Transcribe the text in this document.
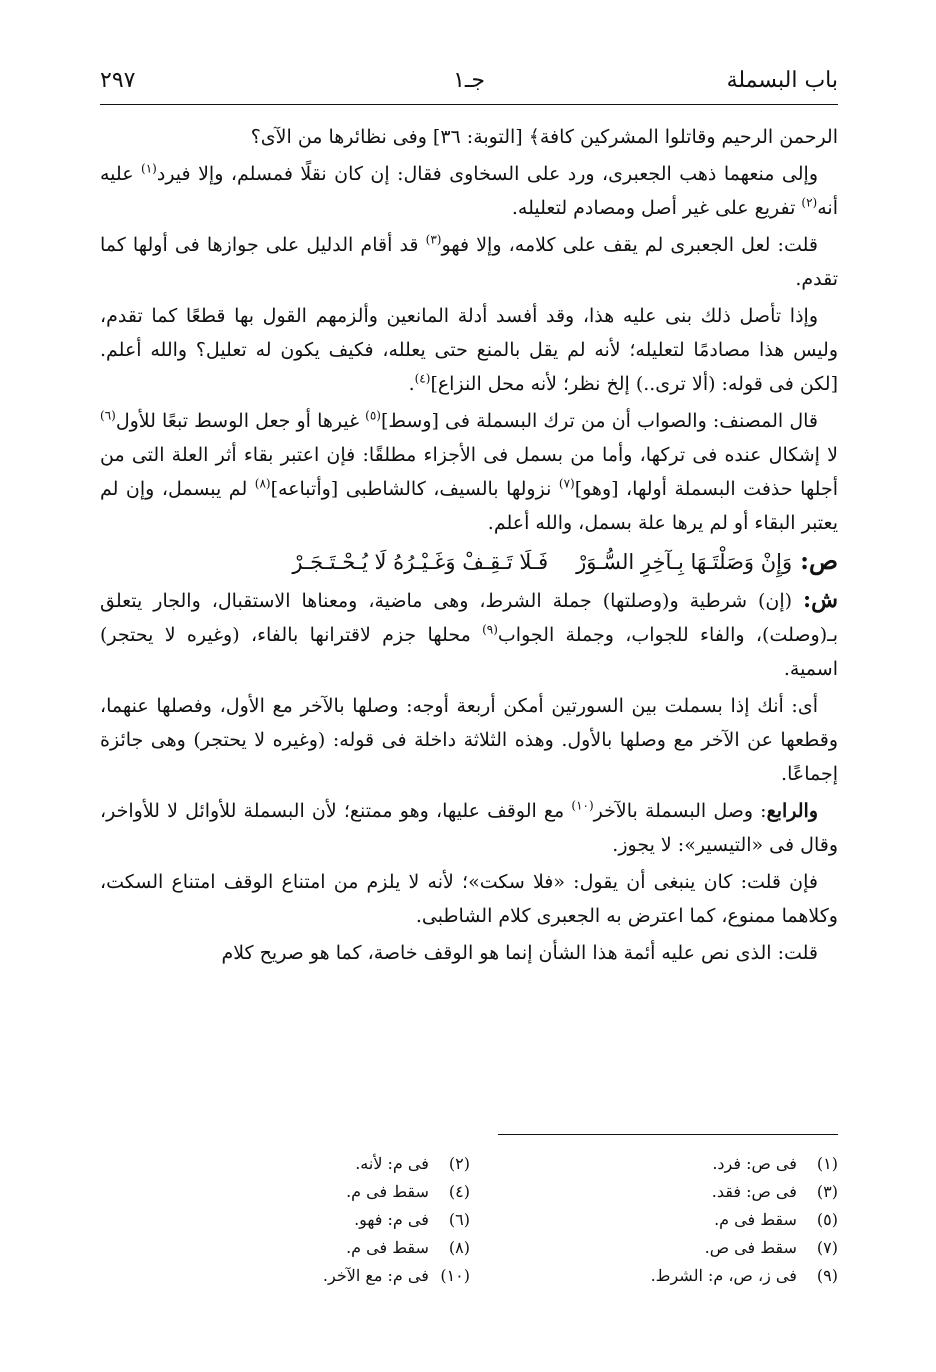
باب البسملة
جـ١
٢٩٧

الرحمن الرحيم وقاتلوا المشركين كافة﴾ [التوبة: ٣٦] وفى نظائرها من الآى؟

وإلى منعهما ذهب الجعبرى، ورد على السخاوى فقال: إن كان نقلًا فمسلم، وإلا فيرد$^{(١)}$ عليه أنه$^{(٢)}$ تفريع على غير أصل ومصادم لتعليله.

قلت: لعل الجعبرى لم يقف على كلامه، وإلا فهو$^{(٣)}$ قد أقام الدليل على جوازها فى أولها كما تقدم.

وإذا تأصل ذلك بنى عليه هذا، وقد أفسد أدلة المانعين وألزمهم القول بها قطعًا كما تقدم، وليس هذا مصادمًا لتعليله؛ لأنه لم يقل بالمنع حتى يعلله، فكيف يكون له تعليل؟ والله أعلم. [لكن فى قوله: (ألا ترى..) إلخ نظر؛ لأنه محل النزاع]$^{(٤)}$.

قال المصنف: والصواب أن من ترك البسملة فى [وسط]$^{(٥)}$ غيرها أو جعل الوسط تبعًا للأول$^{(٦)}$ لا إشكال عنده فى تركها، وأما من بسمل فى الأجزاء مطلقًا: فإن اعتبر بقاء أثر العلة التى من أجلها حذفت البسملة أولها، [وهو]$^{(٧)}$ نزولها بالسيف، كالشاطبى [وأتباعه]$^{(٨)}$ لم يبسمل، وإن لم يعتبر البقاء أو لم يرها علة بسمل، والله أعلم.

ص:وَإِنْ وَصَلْتَـهَا بِـآخِرِ السُّـوَرْفَـلَا تَـقِـفْ وَغَـيْـرُهُ لَا يُـحْـتَـجَـرْ

ش: (إن) شرطية و(وصلتها) جملة الشرط، وهى ماضية، ومعناها الاستقبال، والجار يتعلق بـ(وصلت)، والفاء للجواب، وجملة الجواب$^{(٩)}$ محلها جزم لاقترانها بالفاء، (وغيره لا يحتجر) اسمية.

أى: أنك إذا بسملت بين السورتين أمكن أربعة أوجه: وصلها بالآخر مع الأول، وفصلها عنهما، وقطعها عن الآخر مع وصلها بالأول. وهذه الثلاثة داخلة فى قوله: (وغيره لا يحتجر) وهى جائزة إجماعًا.

والرابع: وصل البسملة بالآخر$^{(١٠)}$ مع الوقف عليها، وهو ممتنع؛ لأن البسملة للأوائل لا للأواخر، وقال فى «التيسير»: لا يجوز.

فإن قلت: كان ينبغى أن يقول: «فلا سكت»؛ لأنه لا يلزم من امتناع الوقف امتناع السكت، وكلاهما ممنوع، كما اعترض به الجعبرى كلام الشاطبى.

قلت: الذى نص عليه أئمة هذا الشأن إنما هو الوقف خاصة، كما هو صريح كلام

(١) فى ص: فرد.
(٢) فى م: لأنه.
(٣) فى ص: فقد.
(٤) سقط فى م.
(٥) سقط فى م.
(٦) فى م: فهو.
(٧) سقط فى ص.
(٨) سقط فى م.
(٩) فى ز، ص، م: الشرط.
(١٠) فى م: مع الآخر.
